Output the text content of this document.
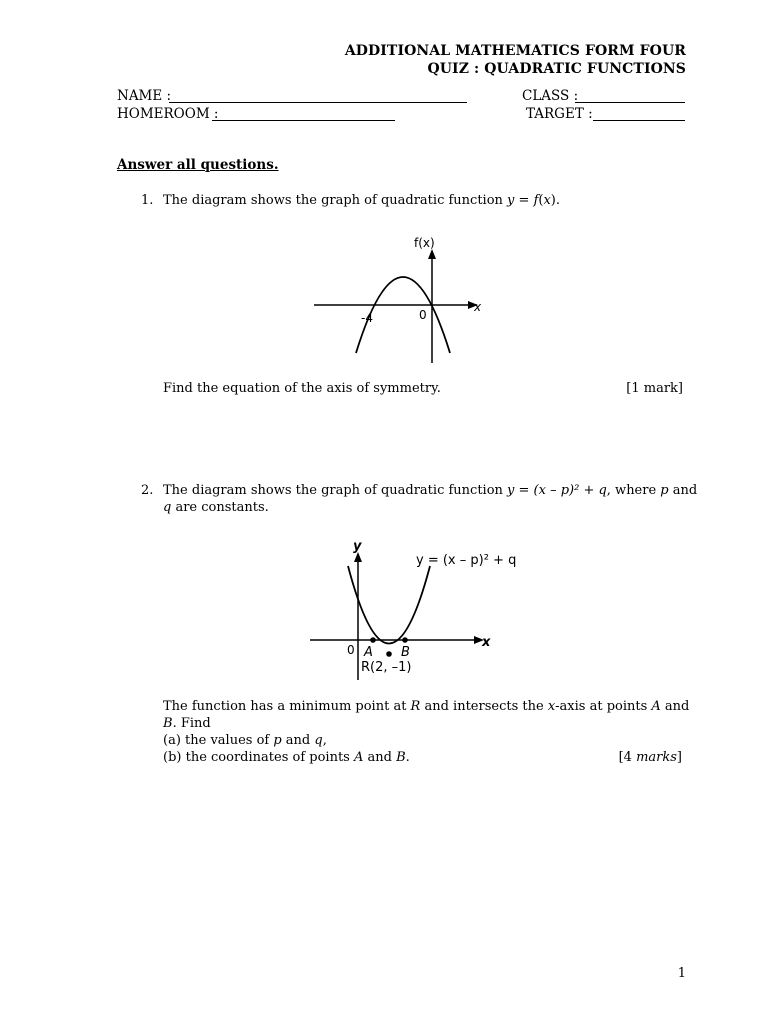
ADDITIONAL MATHEMATICS FORM FOUR
QUIZ : QUADRATIC FUNCTIONS
NAME :	CLASS :
HOMEROOM :	TARGET :
Answer all questions.
1. The diagram shows the graph of quadratic function y = f(x).
f(x)
x
0
-4
Find the equation of the axis of symmetry.	[1 mark]
2. The diagram shows the graph of quadratic function y = (x – p)² + q, where p and
q are constants.
y
x
y = (x – p)² + q
0 A B
R(2, –1)
The function has a minimum point at R and intersects the x-axis at points A and
B. Find
(a) the values of p and q,
(b) the coordinates of points A and B.	[4 marks]
1
